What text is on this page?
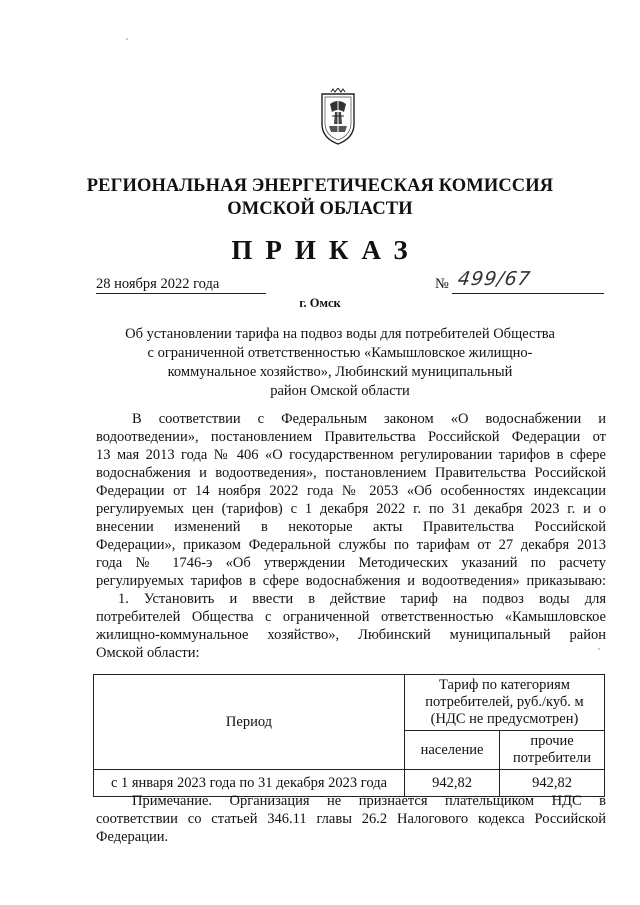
РЕГИОНАЛЬНАЯ ЭНЕРГЕТИЧЕСКАЯ КОМИССИЯ
ОМСКОЙ ОБЛАСТИ
ПРИКАЗ
28 ноября 2022 года	№ 499/67
г. Омск
Об установлении тарифа на подвоз воды для потребителей Общества
с ограниченной ответственностью «Камышловское жилищно-
коммунальное хозяйство», Любинский муниципальный
район Омской области
В соответствии с Федеральным законом «О водоснабжении и
водоотведении», постановлением Правительства Российской Федерации от
13 мая 2013 года № 406 «О государственном регулировании тарифов в сфере
водоснабжения и водоотведения», постановлением Правительства Российской
Федерации от 14 ноября 2022 года № 2053 «Об особенностях индексации
регулируемых цен (тарифов) с 1 декабря 2022 г. по 31 декабря 2023 г. и о
внесении изменений в некоторые акты Правительства Российской
Федерации», приказом Федеральной службы по тарифам от 27 декабря 2013
года № 1746-э «Об утверждении Методических указаний по расчету
регулируемых тарифов в сфере водоснабжения и водоотведения» приказываю:
1. Установить и ввести в действие тариф на подвоз воды для
потребителей Общества с ограниченной ответственностью «Камышловское
жилищно-коммунальное хозяйство», Любинский муниципальный район
Омской области:
Период	Тариф по категориям
потребителей, руб./куб. м
(НДС не предусмотрен)	

	население	прочие
потребители

с 1 января 2023 года по 31 декабря 2023 года	942,82	942,82
Примечание. Организация не признается плательщиком НДС в
соответствии со статьей 346.11 главы 26.2 Налогового кодекса Российской
Федерации.
